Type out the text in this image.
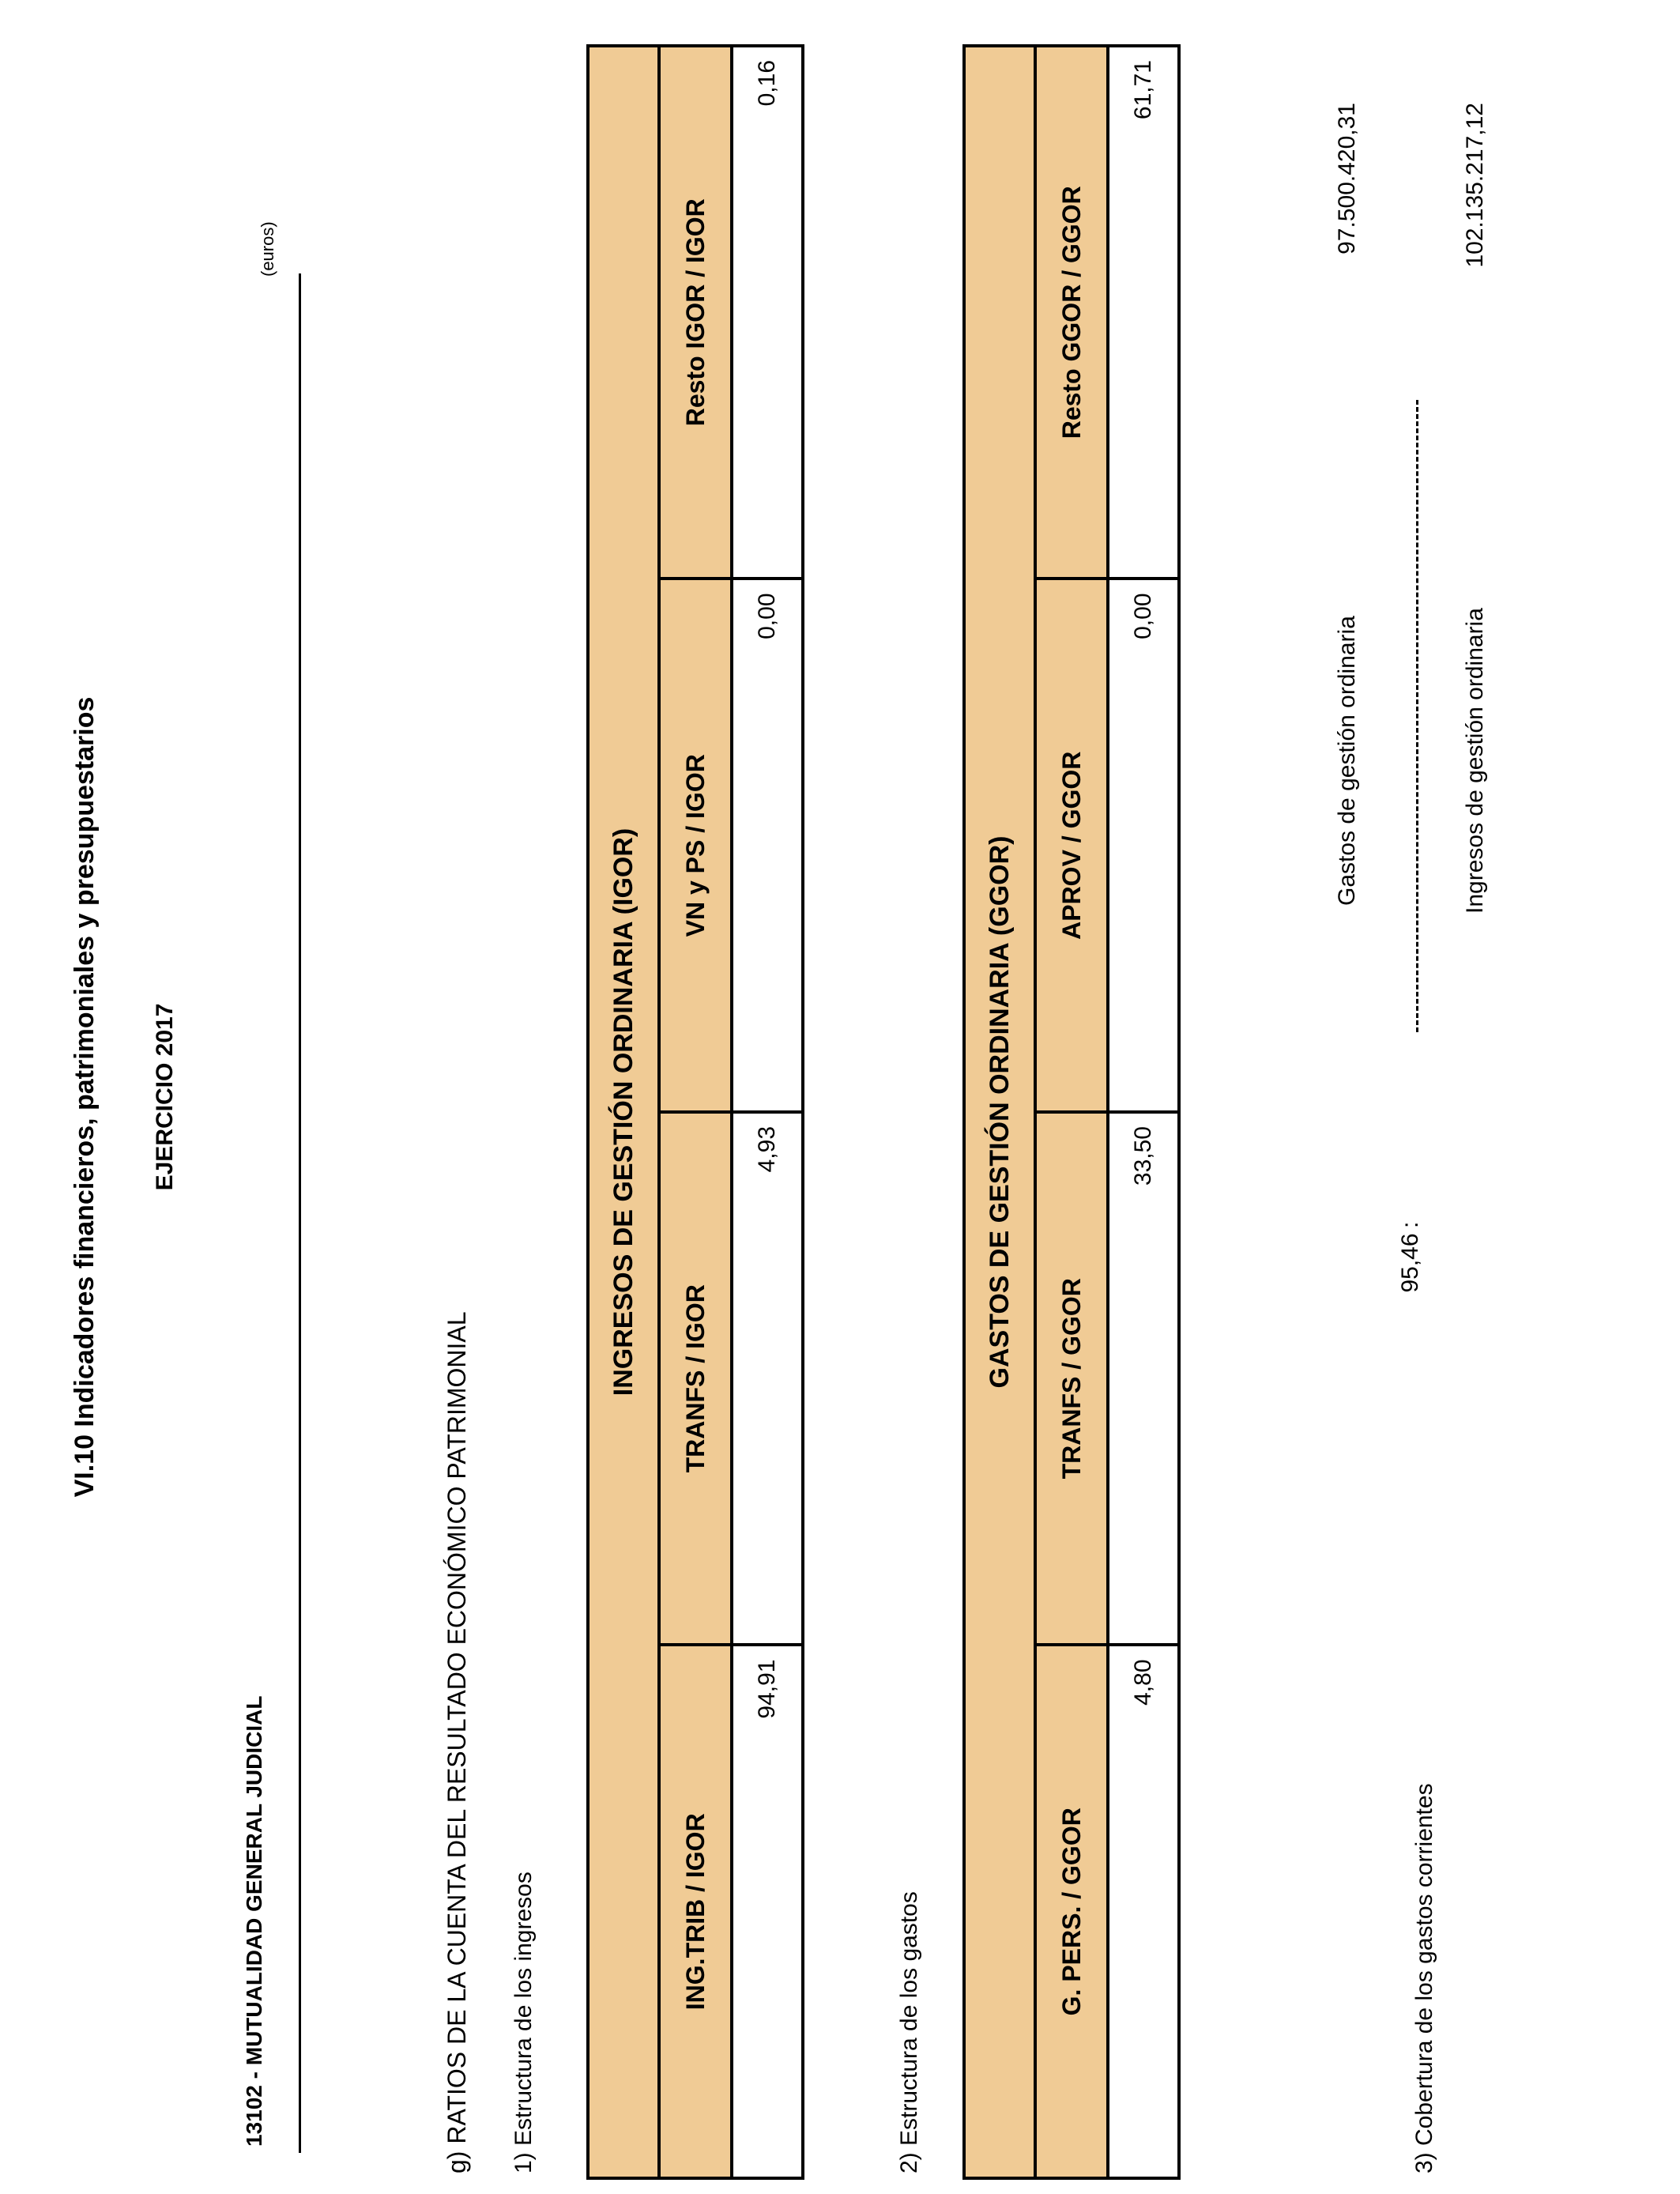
VI.10 Indicadores financieros, patrimoniales y presupuestarios EJERCICIO 2017
13102 - MUTUALIDAD GENERAL JUDICIAL
(euros)
g) RATIOS DE LA CUENTA DEL RESULTADO ECONÓMICO PATRIMONIAL 1) Estructura de los ingresos
INGRESOS DE GESTIÓN ORDINARIA (IGOR)			
ING.TRIB / IGOR	TRANFS / IGOR	VN y PS / IGOR	Resto IGOR / IGOR
94,91	4,93	0,00	0,16
2) Estructura de los gastos
GASTOS DE GESTIÓN ORDINARIA (GGOR)			
G. PERS. / GGOR	TRANFS / GGOR	APROV / GGOR	Resto GGOR / GGOR
4,80	33,50	0,00	61,71
3) Cobertura de los gastos corrientes
95,46
:
Gastos de gestión ordinaria	Ingresos de gestión ordinaria
97.500.420,31	102.135.217,12
